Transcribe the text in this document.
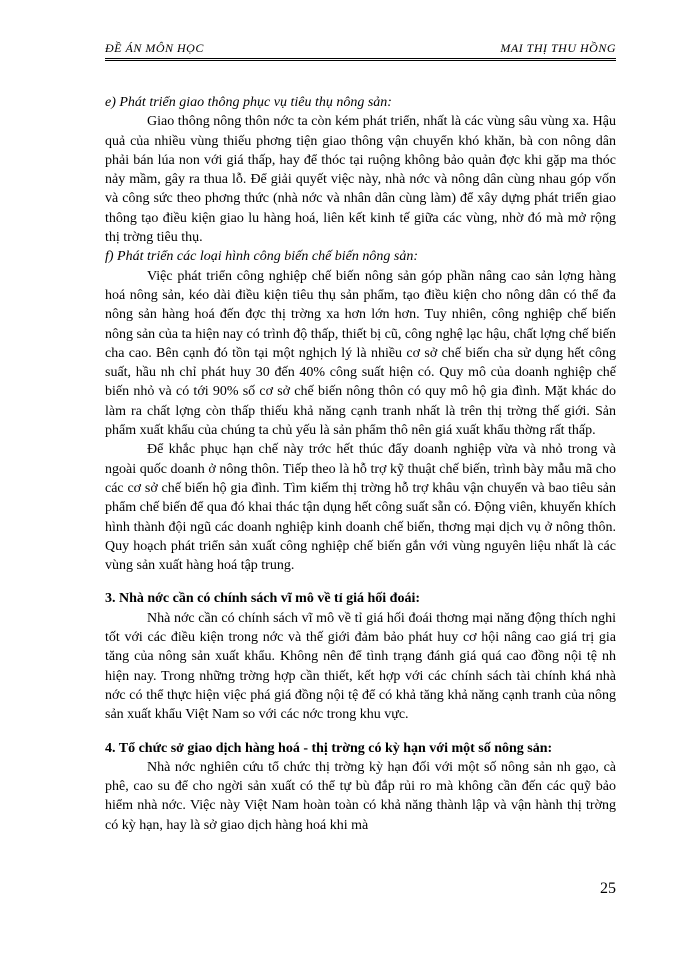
ĐỀ ÁN MÔN HỌC	MAI THỊ THU HỒNG

e) Phát triển giao thông phục vụ tiêu thụ nông sản:

Giao thông nông thôn nớc ta còn kém phát triển, nhất là các vùng sâu vùng xa. Hậu quả của nhiều vùng thiếu phơng tiện giao thông vận chuyển khó khăn, bà con nông dân phải bán lúa non với giá thấp, hay để thóc tại ruộng không bảo quản đợc khi gặp ma thóc nảy mầm, gây ra thua lỗ. Để giải quyết việc này, nhà nớc và nông dân cùng nhau góp vốn và công sức theo phơng thức (nhà nớc và nhân dân cùng làm) để xây dựng phát triển giao thông tạo điều kiện giao lu hàng hoá, liên kết kinh tế giữa các vùng, nhờ đó mà mở rộng thị trờng tiêu thụ.

f) Phát triển các loại hình công biến chế biến nông sản:

Việc phát triển công nghiệp chế biến nông sản góp phần nâng cao sản lợng hàng hoá nông sản, kéo dài điều kiện tiêu thụ sản phẩm, tạo điều kiện cho nông dân có thể đa nông sản hàng hoá đến đợc thị trờng xa hơn lớn hơn. Tuy nhiên, công nghiệp chế biến nông sản của ta hiện nay có trình độ thấp, thiết bị cũ, công nghệ lạc hậu, chất lợng chế biến cha cao. Bên cạnh đó tồn tại một nghịch lý là nhiều cơ sở chế biến cha sử dụng hết công suất, hầu nh chỉ phát huy 30 đến 40% công suất hiện có. Quy mô của doanh nghiệp chế biến nhỏ và có tới 90% số cơ sở chế biến nông thôn có quy mô hộ gia đình. Mặt khác do làm ra chất lợng còn thấp thiếu khả năng cạnh tranh nhất là trên thị trờng thế giới. Sản phẩm xuất khẩu của chúng ta chủ yếu là sản phẩm thô nên giá xuất khẩu thờng rất thấp.

Để khắc phục hạn chế này trớc hết thúc đẩy doanh nghiệp vừa và nhỏ trong và ngoài quốc doanh ở nông thôn. Tiếp theo là hỗ trợ kỹ thuật chế biến, trình bày mẫu mã cho các cơ sở chế biến hộ gia đình. Tìm kiếm thị trờng hỗ trợ khâu vận chuyển và bao tiêu sản phẩm chế biến để qua đó khai thác tận dụng hết công suất sẵn có. Động viên, khuyến khích hình thành đội ngũ các doanh nghiệp kinh doanh chế biến, thơng mại dịch vụ ở nông thôn. Quy hoạch phát triển sản xuất công nghiệp chế biến gắn với vùng nguyên liệu nhất là các vùng sản xuất hàng hoá tập trung.

3. Nhà nớc cần có chính sách vĩ mô về tỉ giá hối đoái:

Nhà nớc cần có chính sách vĩ mô về tỉ giá hối đoái thơng mại năng động thích nghi tốt với các điều kiện trong nớc và thế giới đảm bảo phát huy cơ hội nâng cao giá trị gia tăng của nông sản xuất khẩu. Không nên để tình trạng đánh giá quá cao đồng nội tệ nh hiện nay. Trong những trờng hợp cần thiết, kết hợp với các chính sách tài chính khá nhà nớc có thể thực hiện việc phá giá đồng nội tệ để có khả tăng khả năng cạnh tranh của nông sản xuất khẩu Việt Nam so với các nớc trong khu vực.

4. Tổ chức sở giao dịch hàng hoá - thị trờng có kỳ hạn với một số nông sản:

Nhà nớc nghiên cứu tổ chức thị trờng kỳ hạn đối với một số nông sản nh gạo, cà phê, cao su để cho ngời sản xuất có thể tự bù đắp rủi ro mà không cần đến các quỹ bảo hiểm nhà nớc. Việc này Việt Nam hoàn toàn có khả năng thành lập và vận hành thị trờng có kỳ hạn, hay là sở giao dịch hàng hoá khi mà

25
